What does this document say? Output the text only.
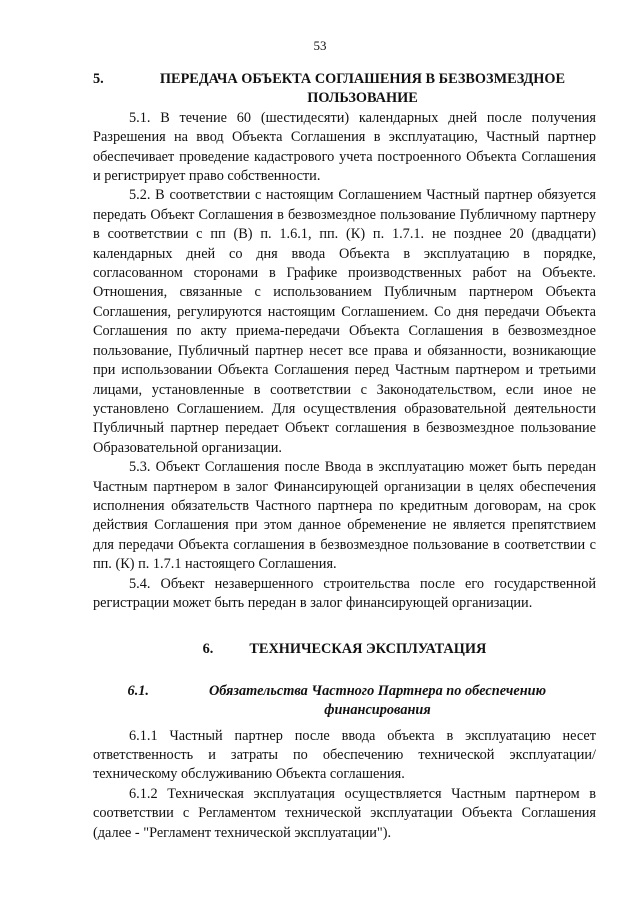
53
5.	ПЕРЕДАЧА ОБЪЕКТА СОГЛАШЕНИЯ В БЕЗВОЗМЕЗДНОЕ ПОЛЬЗОВАНИЕ

5.1. В течение 60 (шестидесяти) календарных дней после получения Разрешения на ввод Объекта Соглашения в эксплуатацию, Частный партнер обеспечивает проведение кадастрового учета построенного Объекта Соглашения и регистрирует право собственности.

5.2. В соответствии с настоящим Соглашением Частный партнер обязуется передать Объект Соглашения в безвозмездное пользование Публичному партнеру в соответствии с пп (В) п. 1.6.1, пп. (К) п. 1.7.1. не позднее 20 (двадцати) календарных дней со дня ввода Объекта в эксплуатацию в порядке, согласованном сторонами в Графике производственных работ на Объекте. Отношения, связанные с использованием Публичным партнером Объекта Соглашения, регулируются настоящим Соглашением. Со дня передачи Объекта Соглашения по акту приема-передачи Объекта Соглашения в безвозмездное пользование, Публичный партнер несет все права и обязанности, возникающие при использовании Объекта Соглашения перед Частным партнером и третьими лицами, установленные в соответствии с Законодательством, если иное не установлено Соглашением. Для осуществления образовательной деятельности Публичный партнер передает Объект соглашения в безвозмездное пользование Образовательной организации.

5.3. Объект Соглашения после Ввода в эксплуатацию может быть передан Частным партнером в залог Финансирующей организации в целях обеспечения исполнения обязательств Частного партнера по кредитным договорам, на срок действия Соглашения при этом данное обременение не является препятствием для передачи Объекта соглашения в безвозмездное пользование в соответствии с пп. (К) п. 1.7.1 настоящего Соглашения.

5.4. Объект незавершенного строительства после его государственной регистрации может быть передан в залог финансирующей организации.

6.	ТЕХНИЧЕСКАЯ ЭКСПЛУАТАЦИЯ
6.1.	Обязательства Частного Партнера по обеспечению финансирования

6.1.1 Частный партнер после ввода объекта в эксплуатацию несет ответственность и затраты по обеспечению технической эксплуатации/техническому обслуживанию Объекта соглашения.

6.1.2 Техническая эксплуатация осуществляется Частным партнером в соответствии с Регламентом технической эксплуатации Объекта Соглашения (далее - "Регламент технической эксплуатации").
